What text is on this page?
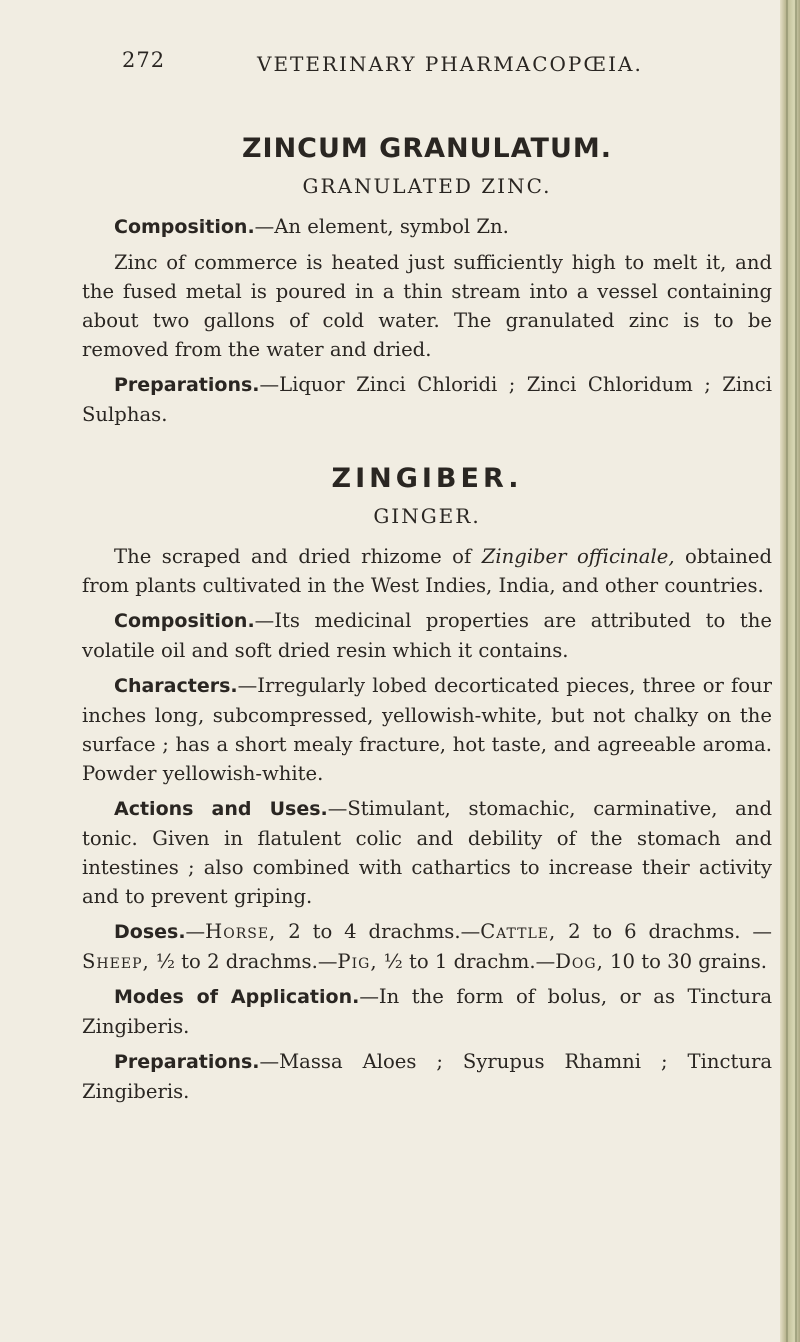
272	VETERINARY PHARMACOPŒIA.
ZINCUM GRANULATUM.
GRANULATED ZINC.

Composition.—An element, symbol Zn.

Zinc of commerce is heated just sufficiently high to melt it, and the fused metal is poured in a thin stream into a vessel containing about two gallons of cold water. The granulated zinc is to be removed from the water and dried.

Preparations.—Liquor Zinci Chloridi ; Zinci Chloridum ; Zinci Sulphas.

ZINGIBER.
GINGER.

The scraped and dried rhizome of Zingiber officinale, obtained from plants cultivated in the West Indies, India, and other countries.

Composition.—Its medicinal properties are attributed to the volatile oil and soft dried resin which it contains.

Characters.—Irregularly lobed decorticated pieces, three or four inches long, subcompressed, yellowish-white, but not chalky on the surface ; has a short mealy fracture, hot taste, and agreeable aroma. Powder yellowish-white.

Actions and Uses.—Stimulant, stomachic, carminative, and tonic. Given in flatulent colic and debility of the stomach and intestines ; also combined with cathartics to increase their activity and to prevent griping.

Doses.—Horse, 2 to 4 drachms.—Cattle, 2 to 6 drachms. —Sheep, ½ to 2 drachms.—Pig, ½ to 1 drachm.—Dog, 10 to 30 grains.

Modes of Application.—In the form of bolus, or as Tinctura Zingiberis.

Preparations.—Massa Aloes ; Syrupus Rhamni ; Tinctura Zingiberis.
